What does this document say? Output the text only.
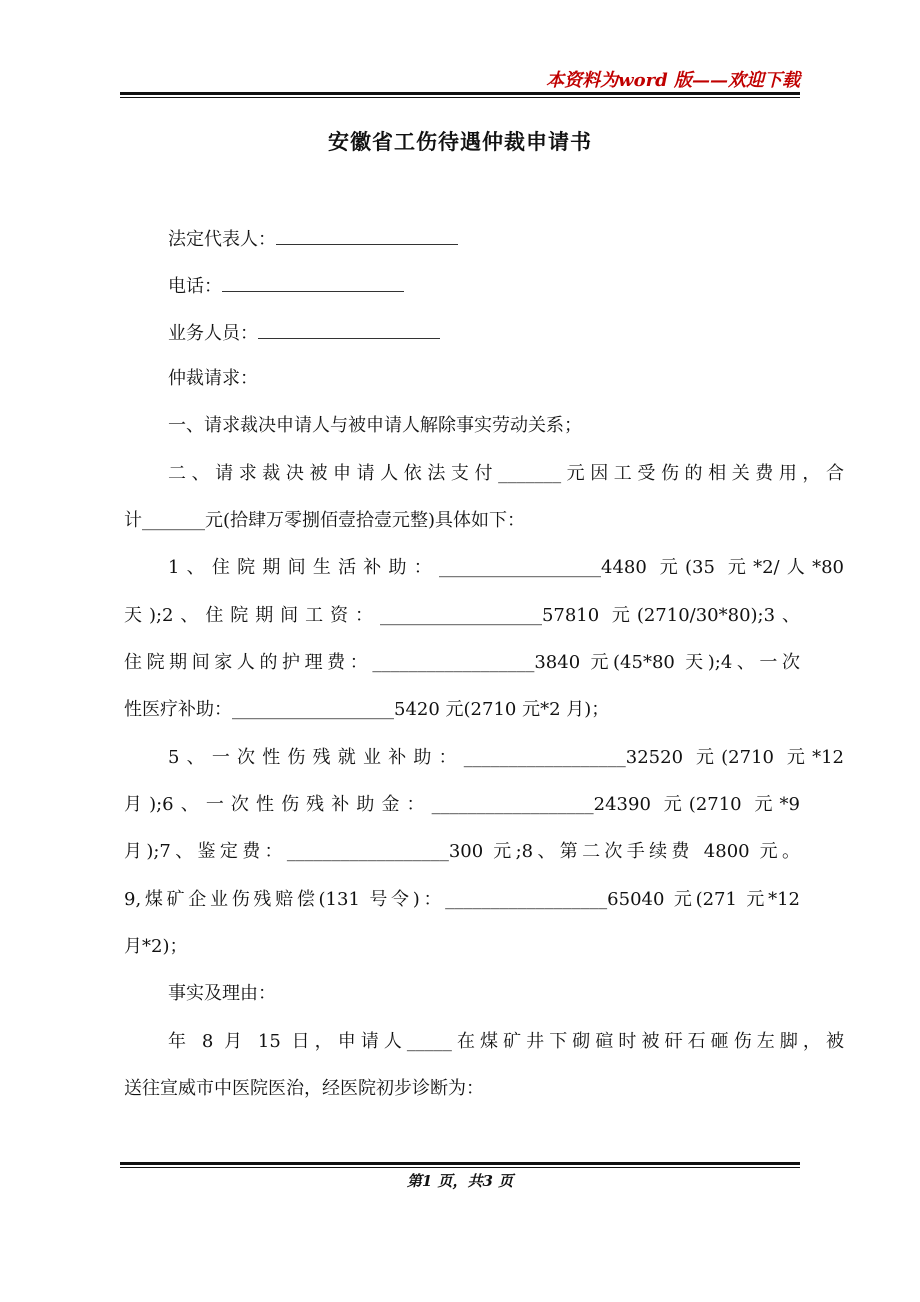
本资料为word 版——欢迎下载
安徽省工伤待遇仲裁申请书
法定代表人：
电话：
业务人员：
仲裁请求：
一、请求裁决申请人与被申请人解除事实劳动关系；
二、请求裁决被申请人依法支付_______元因工受伤的相关费用，合
计_______元(拾肆万零捌佰壹拾壹元整)具体如下：
1、住院期间生活补助：__________________4480 元(35 元*2/人*80
天);2、住院期间工资：__________________57810 元(2710/30*80);3、
住院期间家人的护理费：__________________3840 元(45*80 天);4、一次
性医疗补助：__________________5420 元(2710 元*2 月)；
5、一次性伤残就业补助：__________________32520 元(2710 元*12
月);6、一次性伤残补助金：__________________24390 元(2710 元*9
月);7、鉴定费：__________________300 元;8、第二次手续费 4800 元。
9,煤矿企业伤残赔偿(131 号令)：__________________65040 元(271 元*12
月*2)；
事实及理由：
年 8 月 15 日，申请人_____在煤矿井下砌碹时被矸石砸伤左脚，被
送往宣威市中医院医治，经医院初步诊断为：
第1 页，共3 页
